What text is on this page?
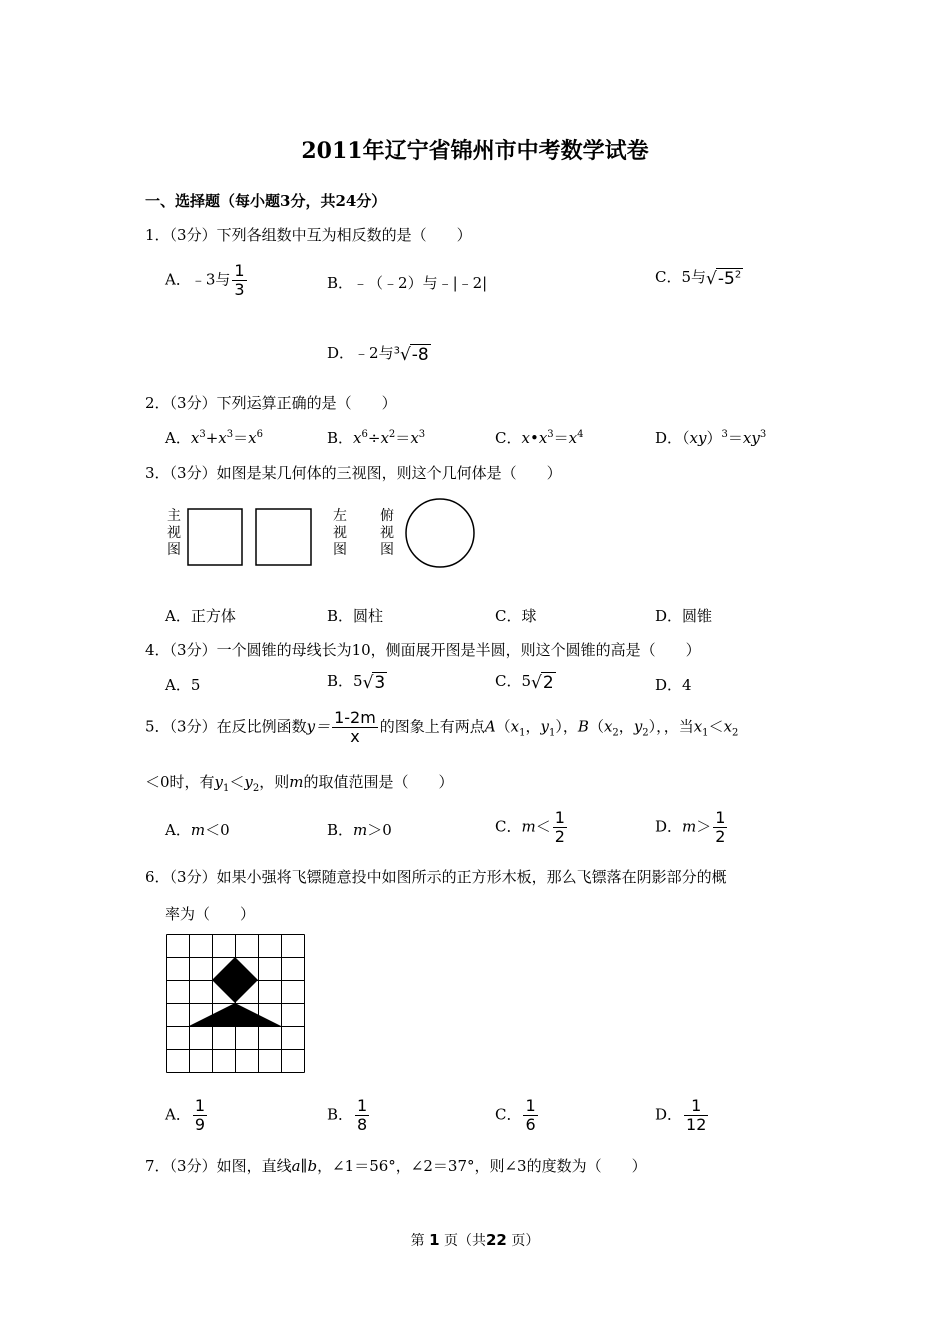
2011年辽宁省锦州市中考数学试卷
一、选择题（每小题3分，共24分）
1．（3分）下列各组数中互为相反数的是（　　）
A．﹣3与 $\frac{1}{3}$	B．﹣（﹣2）与﹣|﹣2|	C．5与$√-5^2$
D．﹣2与$^3$√-8
2．（3分）下列运算正确的是（　　）
A．$x^3+x^3=x^6$	B．$x^6\div x^2=x^3$	C．$x•x^3=x^4$	D．$(xy)^3=xy^3$
3．（3分）如图是某几何体的三视图，则这个几何体是（　　）
主视图
左视图
俯视图
A．正方体	B．圆柱	C．球	D．圆锥
4．（3分）一个圆锥的母线长为10，侧面展开图是半圆，则这个圆锥的高是（　　）
A．5	B．5√3	C．5√2	D．4
5．（3分）在反比例函数$y= \frac{1-2m}{x}$ 的图象上有两点$A(x_1$，$y_1$），$B(x_2$，$y_2$），，当$x_1<x_2$
＜0时，有$y_1<y_2$，则m的取值范围是（　　）
A．m＜0	B．m＞0	C．$m< \frac{1}{2}$	D．$m> \frac{1}{2}$
6．（3分）如果小强将飞镖随意投中如图所示的正方形木板，那么飞镖落在阴影部分的概
率为（　　）
A． $\frac{1}{9}$	B． $\frac{1}{8}$	C． $\frac{1}{6}$	D． $\frac{1}{12}$
7．（3分）如图，直线a∥b，∠1＝56°，∠2＝37°，则∠3的度数为（　　）
第 1 页（共22 页）
